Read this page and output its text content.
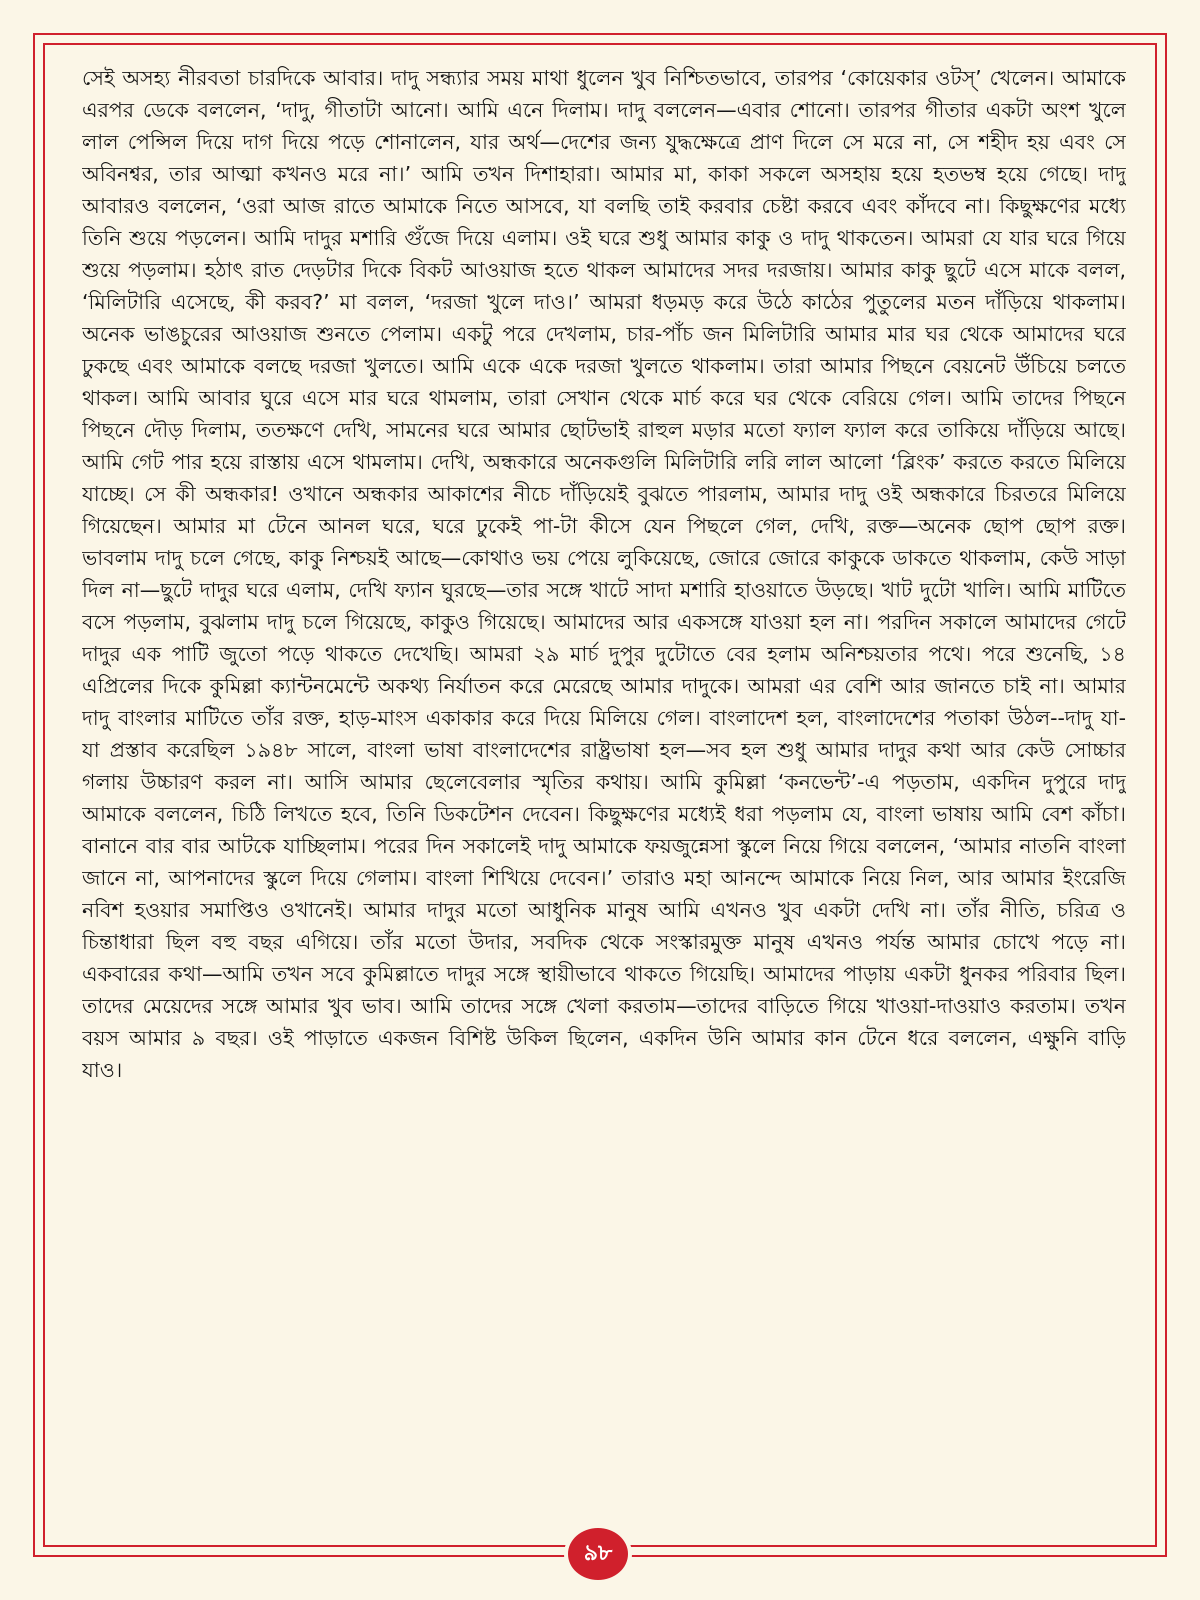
সেই অসহ্য নীরবতা চারদিকে আবার। দাদু সন্ধ্যার সময় মাথা ধুলেন খুব নিশ্চিতভাবে, তারপর ‘কোয়েকার ওটস্’ খেলেন। আমাকে এরপর ডেকে বললেন, ‘দাদু, গীতাটা আনো। আমি এনে দিলাম। দাদু বললেন—এবার শোনো। তারপর গীতার একটা অংশ খুলে লাল পেন্সিল দিয়ে দাগ দিয়ে পড়ে শোনালেন, যার অর্থ—দেশের জন্য যুদ্ধক্ষেত্রে প্রাণ দিলে সে মরে না, সে শহীদ হয় এবং সে অবিনশ্বর, তার আত্মা কখনও মরে না।’ আমি তখন দিশাহারা। আমার মা, কাকা সকলে অসহায় হয়ে হতভম্ব হয়ে গেছে। দাদু আবারও বললেন, ‘ওরা আজ রাতে আমাকে নিতে আসবে, যা বলছি তাই করবার চেষ্টা করবে এবং কাঁদবে না। কিছুক্ষণের মধ্যে তিনি শুয়ে পড়লেন। আমি দাদুর মশারি গুঁজে দিয়ে এলাম। ওই ঘরে শুধু আমার কাকু ও দাদু থাকতেন। আমরা যে যার ঘরে গিয়ে শুয়ে পড়লাম। হঠাৎ রাত দেড়টার দিকে বিকট আওয়াজ হতে থাকল আমাদের সদর দরজায়। আমার কাকু ছুটে এসে মাকে বলল, ‘মিলিটারি এসেছে, কী করব?’ মা বলল, ‘দরজা খুলে দাও।’ আমরা ধড়মড় করে উঠে কাঠের পুতুলের মতন দাঁড়িয়ে থাকলাম। অনেক ভাঙচুরের আওয়াজ শুনতে পেলাম। একটু পরে দেখলাম, চার-পাঁচ জন মিলিটারি আমার মার ঘর থেকে আমাদের ঘরে ঢুকছে এবং আমাকে বলছে দরজা খুলতে। আমি একে একে দরজা খুলতে থাকলাম। তারা আমার পিছনে বেয়নেট উঁচিয়ে চলতে থাকল। আমি আবার ঘুরে এসে মার ঘরে থামলাম, তারা সেখান থেকে মার্চ করে ঘর থেকে বেরিয়ে গেল। আমি তাদের পিছনে পিছনে দৌড় দিলাম, ততক্ষণে দেখি, সামনের ঘরে আমার ছোটভাই রাহুল মড়ার মতো ফ্যাল ফ্যাল করে তাকিয়ে দাঁড়িয়ে আছে। আমি গেট পার হয়ে রাস্তায় এসে থামলাম। দেখি, অন্ধকারে অনেকগুলি মিলিটারি লরি লাল আলো ‘ব্লিংক’ করতে করতে মিলিয়ে যাচ্ছে। সে কী অন্ধকার! ওখানে অন্ধকার আকাশের নীচে দাঁড়িয়েই বুঝতে পারলাম, আমার দাদু ওই অন্ধকারে চিরতরে মিলিয়ে গিয়েছেন। আমার মা টেনে আনল ঘরে, ঘরে ঢুকেই পা-টা কীসে যেন পিছলে গেল, দেখি, রক্ত—অনেক ছোপ ছোপ রক্ত। ভাবলাম দাদু চলে গেছে, কাকু নিশ্চয়ই আছে—কোথাও ভয় পেয়ে লুকিয়েছে, জোরে জোরে কাকুকে ডাকতে থাকলাম, কেউ সাড়া দিল না—ছুটে দাদুর ঘরে এলাম, দেখি ফ্যান ঘুরছে—তার সঙ্গে খাটে সাদা মশারি হাওয়াতে উড়ছে। খাট দুটো খালি। আমি মাটিতে বসে পড়লাম, বুঝলাম দাদু চলে গিয়েছে, কাকুও গিয়েছে। আমাদের আর একসঙ্গে যাওয়া হল না। পরদিন সকালে আমাদের গেটে দাদুর এক পাটি জুতো পড়ে থাকতে দেখেছি। আমরা ২৯ মার্চ দুপুর দুটোতে বের হলাম অনিশ্চয়তার পথে। পরে শুনেছি, ১৪ এপ্রিলের দিকে কুমিল্লা ক্যান্টনমেন্টে অকথ্য নির্যাতন করে মেরেছে আমার দাদুকে। আমরা এর বেশি আর জানতে চাই না। আমার দাদু বাংলার মাটিতে তাঁর রক্ত, হাড়-মাংস একাকার করে দিয়ে মিলিয়ে গেল। বাংলাদেশ হল, বাংলাদেশের পতাকা উঠল--দাদু যা-যা প্রস্তাব করেছিল ১৯৪৮ সালে, বাংলা ভাষা বাংলাদেশের রাষ্ট্রভাষা হল—সব হল শুধু আমার দাদুর কথা আর কেউ সোচ্চার গলায় উচ্চারণ করল না। আসি আমার ছেলেবেলার স্মৃতির কথায়। আমি কুমিল্লা ‘কনভেন্ট’-এ পড়তাম, একদিন দুপুরে দাদু আমাকে বললেন, চিঠি লিখতে হবে, তিনি ডিকটেশন দেবেন। কিছুক্ষণের মধ্যেই ধরা পড়লাম যে, বাংলা ভাষায় আমি বেশ কাঁচা। বানানে বার বার আটকে যাচ্ছিলাম। পরের দিন সকালেই দাদু আমাকে ফয়জুন্নেসা স্কুলে নিয়ে গিয়ে বললেন, ‘আমার নাতনি বাংলা জানে না, আপনাদের স্কুলে দিয়ে গেলাম। বাংলা শিখিয়ে দেবেন।’ তারাও মহা আনন্দে আমাকে নিয়ে নিল, আর আমার ইংরেজি নবিশ হওয়ার সমাপ্তিও ওখানেই। আমার দাদুর মতো আধুনিক মানুষ আমি এখনও খুব একটা দেখি না। তাঁর নীতি, চরিত্র ও চিন্তাধারা ছিল বহু বছর এগিয়ে। তাঁর মতো উদার, সবদিক থেকে সংস্কারমুক্ত মানুষ এখনও পর্যন্ত আমার চোখে পড়ে না। একবারের কথা—আমি তখন সবে কুমিল্লাতে দাদুর সঙ্গে স্থায়ীভাবে থাকতে গিয়েছি। আমাদের পাড়ায় একটা ধুনকর পরিবার ছিল। তাদের মেয়েদের সঙ্গে আমার খুব ভাব। আমি তাদের সঙ্গে খেলা করতাম—তাদের বাড়িতে গিয়ে খাওয়া-দাওয়াও করতাম। তখন বয়স আমার ৯ বছর। ওই পাড়াতে একজন বিশিষ্ট উকিল ছিলেন, একদিন উনি আমার কান টেনে ধরে বললেন, এক্ষুনি বাড়ি যাও।

৯৮
